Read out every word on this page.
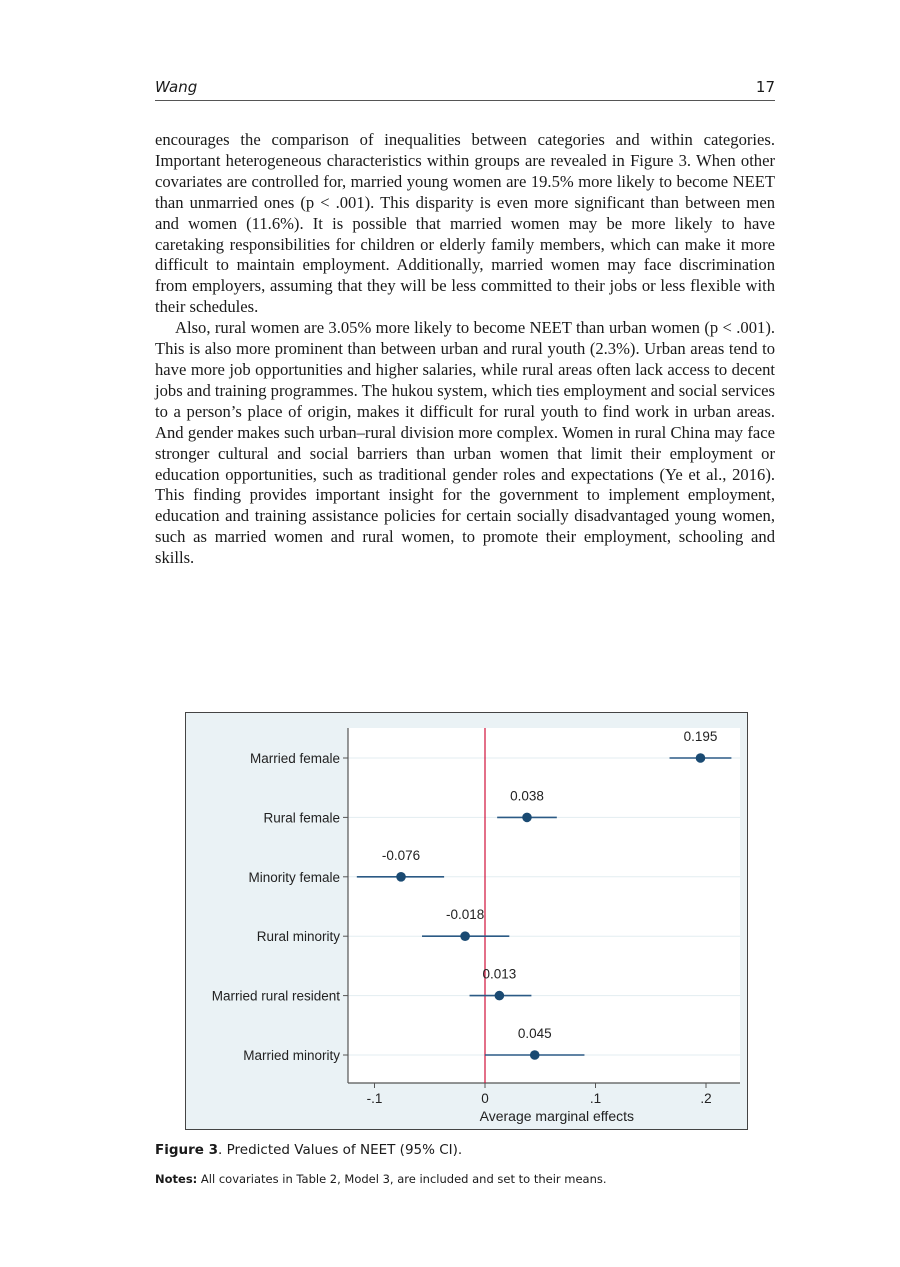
Wang	17

encourages the comparison of inequalities between categories and within categories. Important heterogeneous characteristics within groups are revealed in Figure 3. When other covariates are controlled for, married young women are 19.5% more likely to become NEET than unmarried ones (p < .001). This disparity is even more significant than between men and women (11.6%). It is possible that married women may be more likely to have caretaking responsibilities for children or elderly family members, which can make it more difficult to maintain employment. Additionally, married women may face discrimination from employers, assuming that they will be less committed to their jobs or less flexible with their schedules.

Also, rural women are 3.05% more likely to become NEET than urban women (p < .001). This is also more prominent than between urban and rural youth (2.3%). Urban areas tend to have more job opportunities and higher salaries, while rural areas often lack access to decent jobs and training programmes. The hukou system, which ties employment and social services to a person’s place of origin, makes it difficult for rural youth to find work in urban areas. And gender makes such urban–rural division more complex. Women in rural China may face stronger cultural and social barriers than urban women that limit their employment or education opportunities, such as traditional gender roles and expectations (Ye et al., 2016). This finding provides important insight for the government to implement employment, education and training assistance policies for certain socially disadvantaged young women, such as married women and rural women, to promote their employment, schooling and skills.

Married female
Rural female
Minority female
Rural minority
Married rural resident
Married minority
-.1	0	.1	.2
Average marginal effects
0.195
0.038
-0.076
-0.018
0.013
0.045
Figure 3. Predicted Values of NEET (95% CI).
Notes: All covariates in Table 2, Model 3, are included and set to their means.
